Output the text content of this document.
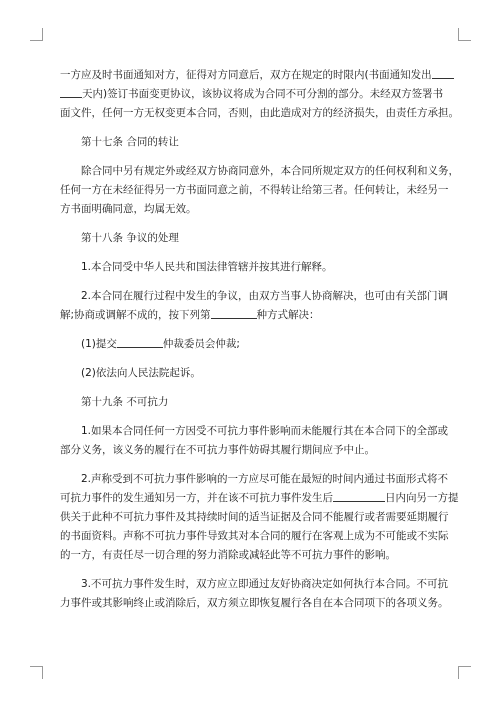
一方应及时书面通知对方，征得对方同意后，双方在规定的时限内(书面通知发出
天内)签订书面变更协议，该协议将成为合同不可分割的部分。未经双方签署书
面文件，任何一方无权变更本合同，否则，由此造成对方的经济损失，由责任方承担。
第十七条 合同的转让
除合同中另有规定外或经双方协商同意外，本合同所规定双方的任何权利和义务，
任何一方在未经征得另一方书面同意之前，不得转让给第三者。任何转让，未经另一
方书面明确同意，均属无效。
第十八条 争议的处理
1.本合同受中华人民共和国法律管辖并按其进行解释。
2.本合同在履行过程中发生的争议，由双方当事人协商解决，也可由有关部门调
解;协商或调解不成的，按下列第	种方式解决：
(1)提交	仲裁委员会仲裁;
(2)依法向人民法院起诉。
第十九条 不可抗力
1.如果本合同任何一方因受不可抗力事件影响而未能履行其在本合同下的全部或
部分义务，该义务的履行在不可抗力事件妨碍其履行期间应予中止。
2.声称受到不可抗力事件影响的一方应尽可能在最短的时间内通过书面形式将不
可抗力事件的发生通知另一方，并在该不可抗力事件发生后	日内向另一方提
供关于此种不可抗力事件及其持续时间的适当证据及合同不能履行或者需要延期履行
的书面资料。声称不可抗力事件导致其对本合同的履行在客观上成为不可能或不实际
的一方，有责任尽一切合理的努力消除或减轻此等不可抗力事件的影响。
3.不可抗力事件发生时，双方应立即通过友好协商决定如何执行本合同。不可抗
力事件或其影响终止或消除后，双方须立即恢复履行各自在本合同项下的各项义务。
